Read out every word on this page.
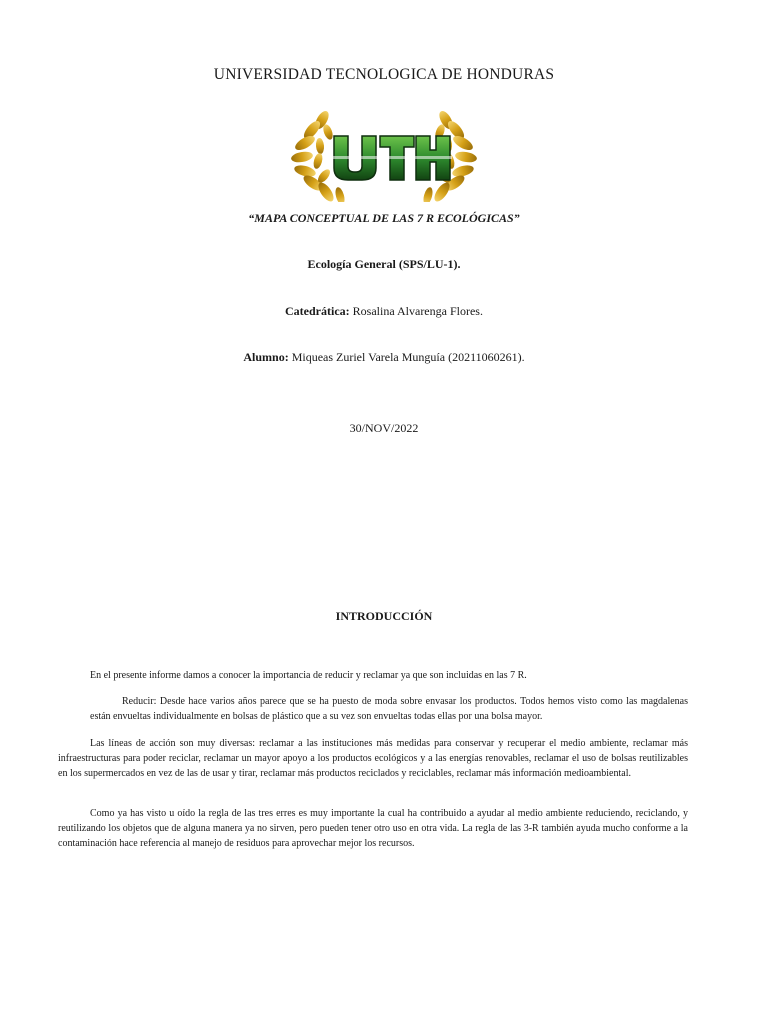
UNIVERSIDAD TECNOLOGICA DE HONDURAS
“MAPA CONCEPTUAL DE LAS 7 R ECOLÓGICAS”
Ecología General (SPS/LU-1).
Catedrática: Rosalina Alvarenga Flores.
Alumno: Miqueas Zuriel Varela Munguía (20211060261).
30/NOV/2022
INTRODUCCIÓN
En el presente informe damos a conocer la importancia de reducir y reclamar ya que son incluidas en las 7 R.
Reducir: Desde hace varios años parece que se ha puesto de moda sobre envasar los productos. Todos hemos visto como las magdalenas están envueltas individualmente en bolsas de plástico que a su vez son envueltas todas ellas por una bolsa mayor.
Las líneas de acción son muy diversas: reclamar a las instituciones más medidas para conservar y recuperar el medio ambiente, reclamar más infraestructuras para poder reciclar, reclamar un mayor apoyo a los productos ecológicos y a las energías renovables, reclamar el uso de bolsas reutilizables en los supermercados en vez de las de usar y tirar, reclamar más productos reciclados y reciclables, reclamar más información medioambiental.
Como ya has visto u oído la regla de las tres erres es muy importante la cual ha contribuido a ayudar al medio ambiente reduciendo, reciclando, y reutilizando los objetos que de alguna manera ya no sirven, pero pueden tener otro uso en otra vida. La regla de las 3-R también ayuda mucho conforme a la contaminación hace referencia al manejo de residuos para aprovechar mejor los recursos.
